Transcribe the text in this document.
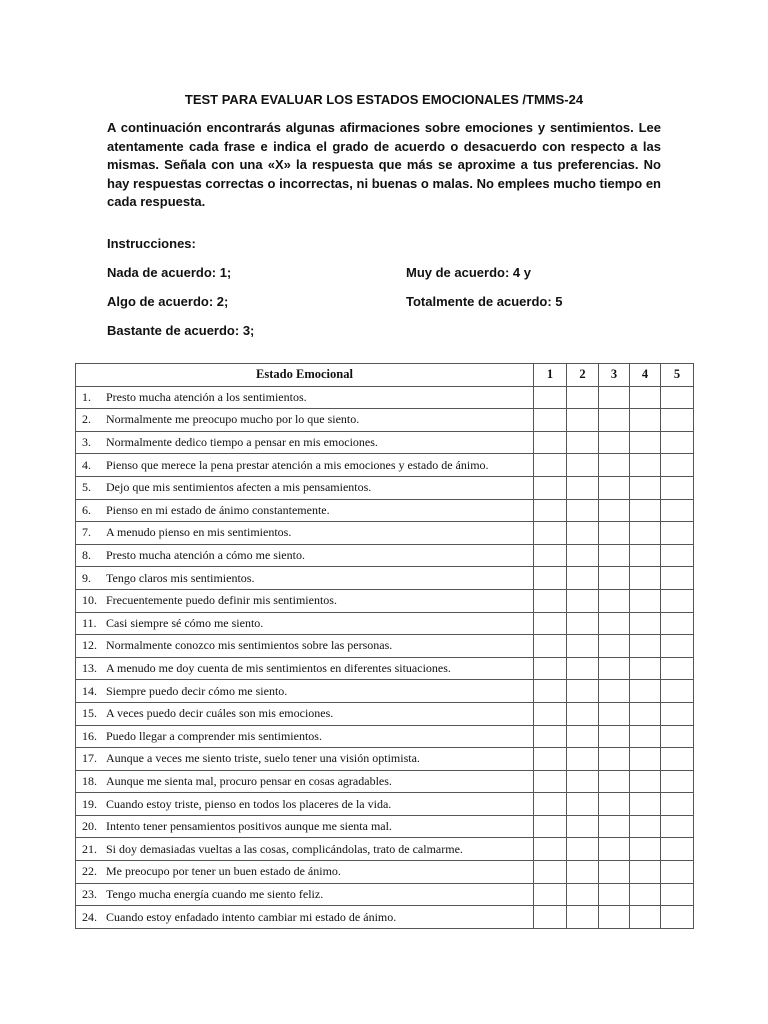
TEST PARA EVALUAR LOS ESTADOS EMOCIONALES /TMMS-24

A continuación encontrarás algunas afirmaciones sobre emociones y sentimientos. Lee atentamente cada frase e indica el grado de acuerdo o desacuerdo con respecto a las mismas. Señala con una «X» la respuesta que más se aproxime a tus preferencias. No hay respuestas correctas o incorrectas, ni buenas o malas. No emplees mucho tiempo en cada respuesta.

Instrucciones:
Nada de acuerdo: 1;
Algo de acuerdo: 2;
Bastante de acuerdo: 3;
Muy de acuerdo: 4 y
Totalmente de acuerdo: 5
Estado Emocional	1	2	3	4	5
1. Presto mucha atención a los sentimientos.					
2. Normalmente me preocupo mucho por lo que siento.					
3. Normalmente dedico tiempo a pensar en mis emociones.					
4. Pienso que merece la pena prestar atención a mis emociones y estado de ánimo.					
5. Dejo que mis sentimientos afecten a mis pensamientos.					
6. Pienso en mi estado de ánimo constantemente.					
7. A menudo pienso en mis sentimientos.					
8. Presto mucha atención a cómo me siento.					
9. Tengo claros mis sentimientos.					
10. Frecuentemente puedo definir mis sentimientos.					
11. Casi siempre sé cómo me siento.					
12. Normalmente conozco mis sentimientos sobre las personas.					
13. A menudo me doy cuenta de mis sentimientos en diferentes situaciones.					
14. Siempre puedo decir cómo me siento.					
15. A veces puedo decir cuáles son mis emociones.					
16. Puedo llegar a comprender mis sentimientos.					
17. Aunque a veces me siento triste, suelo tener una visión optimista.					
18. Aunque me sienta mal, procuro pensar en cosas agradables.					
19. Cuando estoy triste, pienso en todos los placeres de la vida.					
20. Intento tener pensamientos positivos aunque me sienta mal.					
21. Si doy demasiadas vueltas a las cosas, complicándolas, trato de calmarme.					
22. Me preocupo por tener un buen estado de ánimo.					
23. Tengo mucha energía cuando me siento feliz.					
24. Cuando estoy enfadado intento cambiar mi estado de ánimo.					
